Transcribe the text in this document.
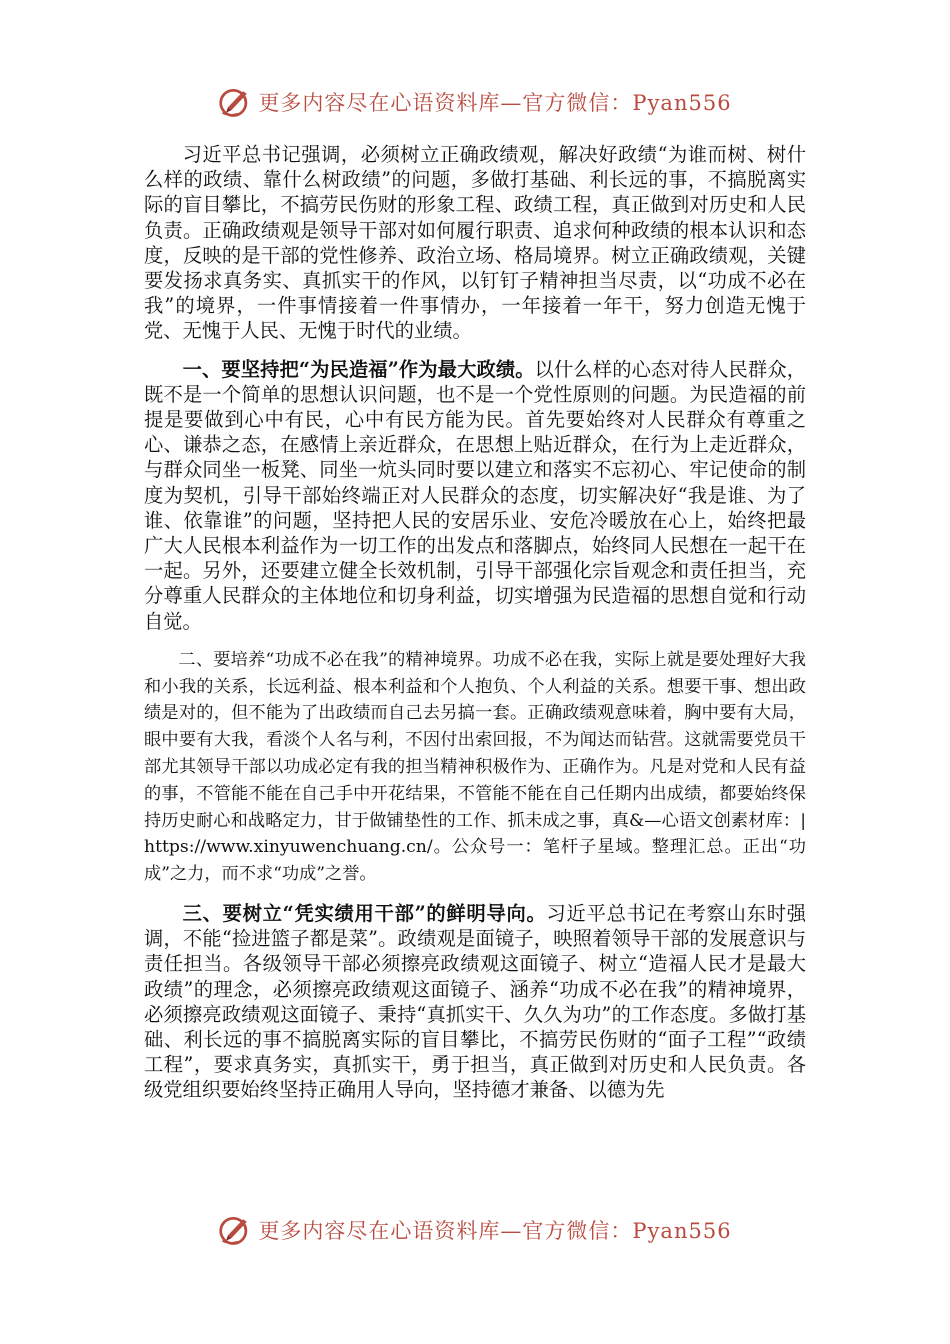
更多内容尽在心语资料库—官方微信：Pyan556

习近平总书记强调，必须树立正确政绩观，解决好政绩“为谁而树、树什么样的政绩、靠什么树政绩”的问题，多做打基础、利长远的事，不搞脱离实际的盲目攀比，不搞劳民伤财的形象工程、政绩工程，真正做到对历史和人民负责。正确政绩观是领导干部对如何履行职责、追求何种政绩的根本认识和态度，反映的是干部的党性修养、政治立场、格局境界。树立正确政绩观，关键要发扬求真务实、真抓实干的作风，以钉钉子精神担当尽责，以“功成不必在我”的境界，一件事情接着一件事情办，一年接着一年干，努力创造无愧于党、无愧于人民、无愧于时代的业绩。

一、要坚持把“为民造福”作为最大政绩。以什么样的心态对待人民群众，既不是一个简单的思想认识问题，也不是一个党性原则的问题。为民造福的前提是要做到心中有民，心中有民方能为民。首先要始终对人民群众有尊重之心、谦恭之态，在感情上亲近群众，在思想上贴近群众，在行为上走近群众，与群众同坐一板凳、同坐一炕头同时要以建立和落实不忘初心、牢记使命的制度为契机，引导干部始终端正对人民群众的态度，切实解决好“我是谁、为了谁、依靠谁”的问题，坚持把人民的安居乐业、安危冷暖放在心上，始终把最广大人民根本利益作为一切工作的出发点和落脚点，始终同人民想在一起干在一起。另外，还要建立健全长效机制，引导干部强化宗旨观念和责任担当，充分尊重人民群众的主体地位和切身利益，切实增强为民造福的思想自觉和行动自觉。

二、要培养“功成不必在我”的精神境界。功成不必在我，实际上就是要处理好大我和小我的关系，长远利益、根本利益和个人抱负、个人利益的关系。想要干事、想出政绩是对的，但不能为了出政绩而自己去另搞一套。正确政绩观意味着，胸中要有大局，眼中要有大我，看淡个人名与利，不因付出索回报，不为闻达而钻营。这就需要党员干部尤其领导干部以功成必定有我的担当精神积极作为、正确作为。凡是对党和人民有益的事，不管能不能在自己手中开花结果，不管能不能在自己任期内出成绩，都要始终保持历史耐心和战略定力，甘于做铺垫性的工作、抓未成之事，真&—心语文创素材库：|https://www.xinyuwenchuang.cn/。公众号一：笔杆子星域。整理汇总。正出“功成”之力，而不求“功成”之誉。

三、要树立“凭实绩用干部”的鲜明导向。习近平总书记在考察山东时强调，不能“捡进篮子都是菜”。政绩观是面镜子，映照着领导干部的发展意识与责任担当。各级领导干部必须擦亮政绩观这面镜子、树立“造福人民才是最大政绩”的理念，必须擦亮政绩观这面镜子、涵养“功成不必在我”的精神境界，必须擦亮政绩观这面镜子、秉持“真抓实干、久久为功”的工作态度。多做打基础、利长远的事不搞脱离实际的盲目攀比，不搞劳民伤财的“面子工程”“政绩工程”，要求真务实，真抓实干，勇于担当，真正做到对历史和人民负责。各级党组织要始终坚持正确用人导向，坚持德才兼备、以德为先

更多内容尽在心语资料库—官方微信：Pyan556
